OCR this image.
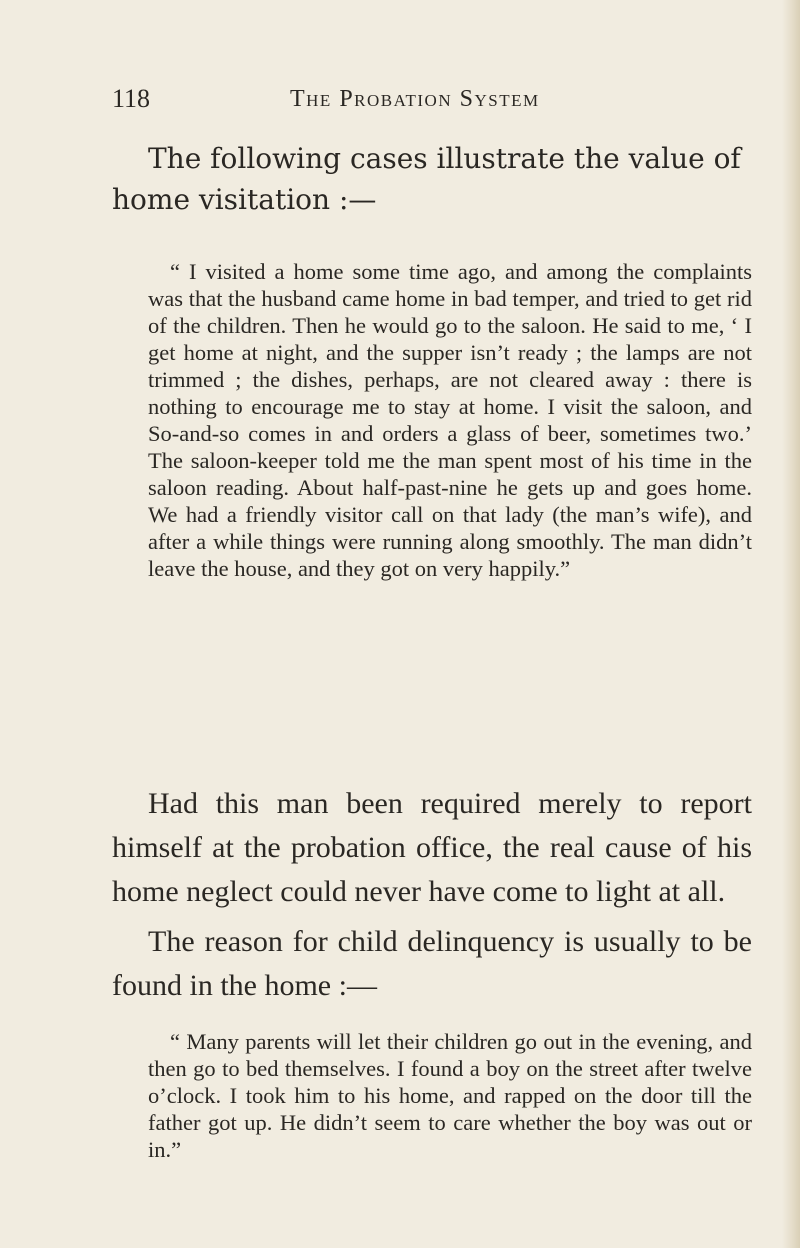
118	The Probation System

The following cases illustrate the value of home visitation :—

“ I visited a home some time ago, and among the complaints was that the husband came home in bad temper, and tried to get rid of the children. Then he would go to the saloon. He said to me, ‘ I get home at night, and the supper isn’t ready ; the lamps are not trimmed ; the dishes, perhaps, are not cleared away : there is nothing to encourage me to stay at home. I visit the saloon, and So-and-so comes in and orders a glass of beer, sometimes two.’ The saloon-keeper told me the man spent most of his time in the saloon reading. About half-past-nine he gets up and goes home. We had a friendly visitor call on that lady (the man’s wife), and after a while things were running along smoothly. The man didn’t leave the house, and they got on very happily.”

Had this man been required merely to report himself at the probation office, the real cause of his home neglect could never have come to light at all.

The reason for child delinquency is usually to be found in the home :—

“ Many parents will let their children go out in the evening, and then go to bed themselves. I found a boy on the street after twelve o’clock. I took him to his home, and rapped on the door till the father got up. He didn’t seem to care whether the boy was out or in.”
